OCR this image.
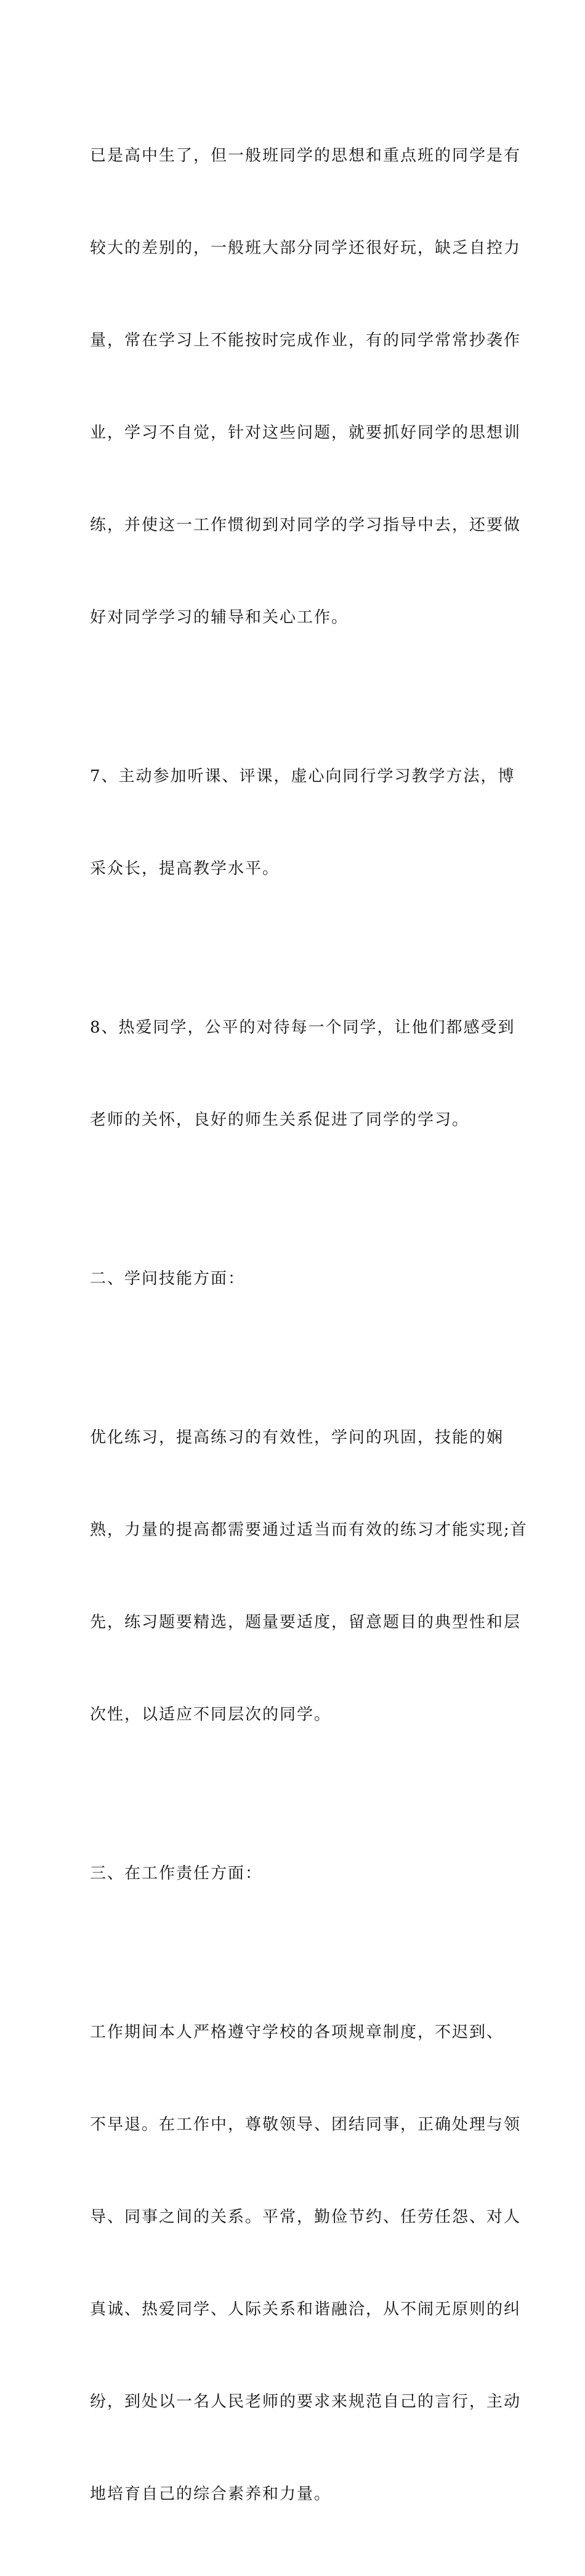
已是高中生了，但一般班同学的思想和重点班的同学是有

较大的差别的，一般班大部分同学还很好玩，缺乏自控力

量，常在学习上不能按时完成作业，有的同学常常抄袭作

业，学习不自觉，针对这些问题，就要抓好同学的思想训

练，并使这一工作惯彻到对同学的学习指导中去，还要做

好对同学学习的辅导和关心工作。

7、主动参加听课、评课，虚心向同行学习教学方法，博

采众长，提高教学水平。

8、热爱同学，公平的对待每一个同学，让他们都感受到

老师的关怀，良好的师生关系促进了同学的学习。

二、学问技能方面：

优化练习，提高练习的有效性，学问的巩固，技能的娴

熟，力量的提高都需要通过适当而有效的练习才能实现;首

先，练习题要精选，题量要适度，留意题目的典型性和层

次性，以适应不同层次的同学。

三、在工作责任方面：

工作期间本人严格遵守学校的各项规章制度，不迟到、

不早退。在工作中，尊敬领导、团结同事，正确处理与领

导、同事之间的关系。平常，勤俭节约、任劳任怨、对人

真诚、热爱同学、人际关系和谐融洽，从不闹无原则的纠

纷，到处以一名人民老师的要求来规范自己的言行，主动

地培育自己的综合素养和力量。
